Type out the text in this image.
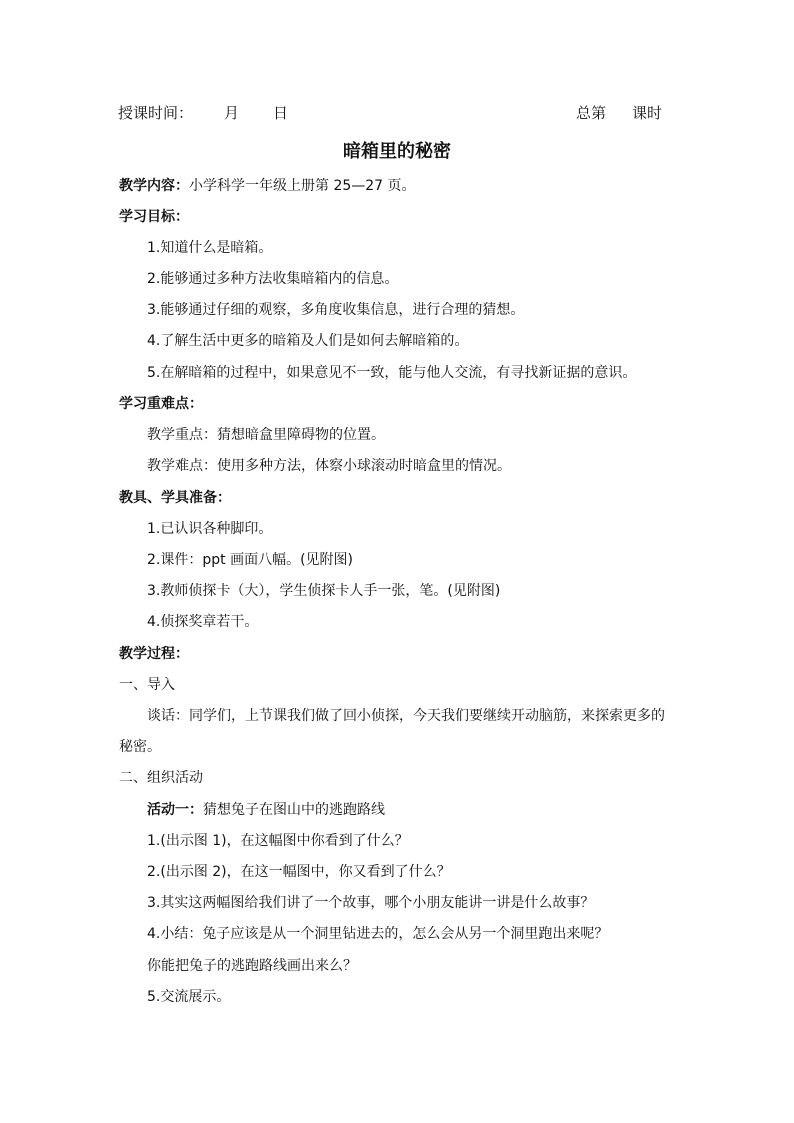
授课时间： 月 日	总第 课时
暗箱里的秘密
教学内容：小学科学一年级上册第 25—27 页。
学习目标：
1.知道什么是暗箱。
2.能够通过多种方法收集暗箱内的信息。
3.能够通过仔细的观察，多角度收集信息，进行合理的猜想。
4.了解生活中更多的暗箱及人们是如何去解暗箱的。
5.在解暗箱的过程中，如果意见不一致，能与他人交流，有寻找新证据的意识。
学习重难点：
教学重点：猜想暗盒里障碍物的位置。
教学难点：使用多种方法，体察小球滚动时暗盒里的情况。
教具、学具准备：
1.已认识各种脚印。
2.课件：ppt 画面八幅。(见附图)
3.教师侦探卡（大），学生侦探卡人手一张，笔。(见附图)
4.侦探奖章若干。
教学过程：
一、导入
谈话：同学们，上节课我们做了回小侦探，今天我们要继续开动脑筋，来探索更多的
秘密。
二、组织活动
活动一：猜想兔子在图山中的逃跑路线
1.(出示图 1)，在这幅图中你看到了什么？
2.(出示图 2)，在这一幅图中，你又看到了什么？
3.其实这两幅图给我们讲了一个故事，哪个小朋友能讲一讲是什么故事？
4.小结：兔子应该是从一个洞里钻进去的，怎么会从另一个洞里跑出来呢？
你能把兔子的逃跑路线画出来么？
5.交流展示。
